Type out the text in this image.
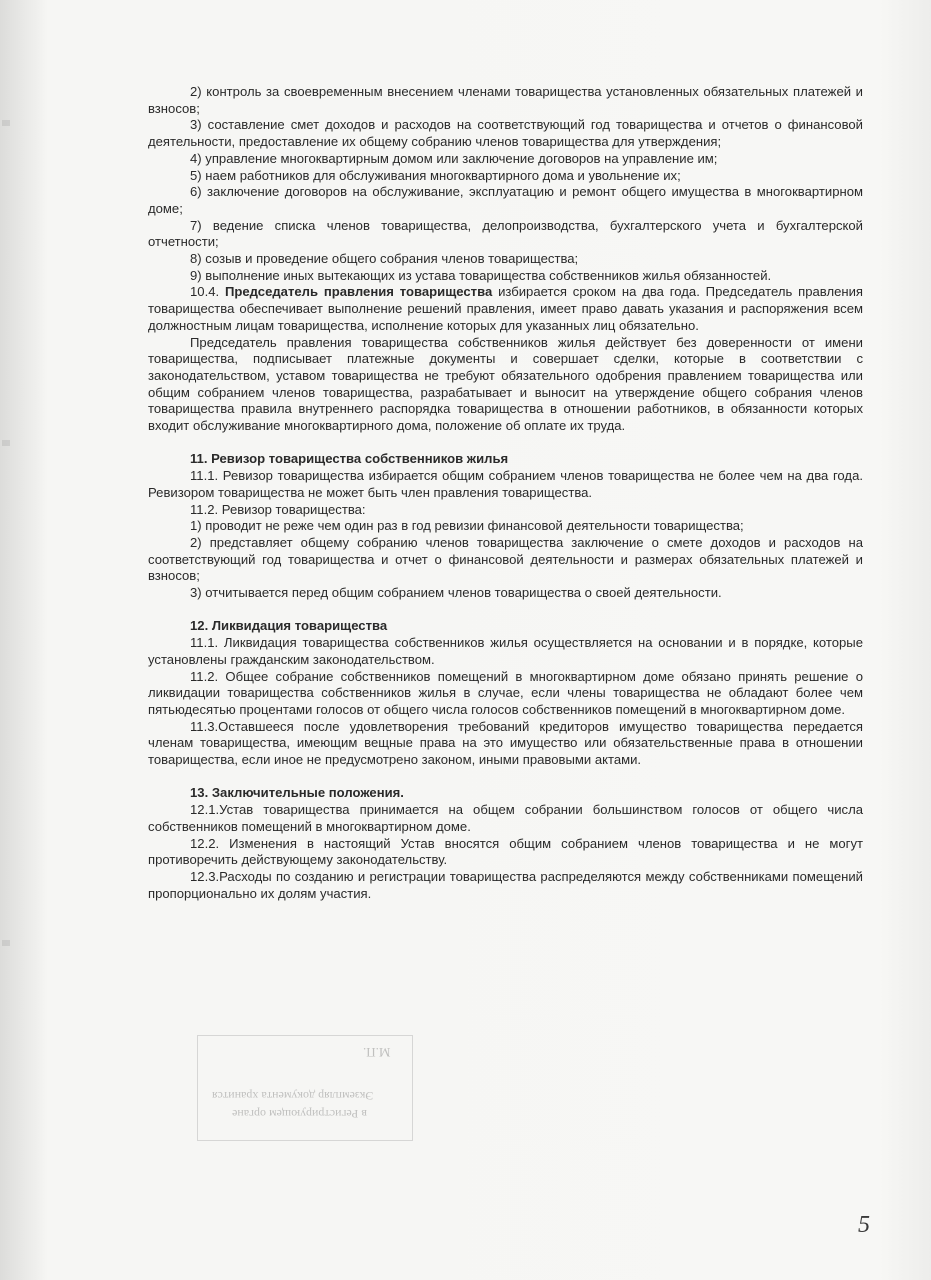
2) контроль за своевременным внесением членами товарищества установленных обязательных платежей и взносов;

3) составление смет доходов и расходов на соответствующий год товарищества и отчетов о финансовой деятельности, предоставление их общему собранию членов товарищества для утверждения;

4) управление многоквартирным домом или заключение договоров на управление им;

5) наем работников для обслуживания многоквартирного дома и увольнение их;

6) заключение договоров на обслуживание, эксплуатацию и ремонт общего имущества в многоквартирном доме;

7) ведение списка членов товарищества, делопроизводства, бухгалтерского учета и бухгалтерской отчетности;

8) созыв и проведение общего собрания членов товарищества;

9) выполнение иных вытекающих из устава товарищества собственников жилья обязанностей.

10.4. Председатель правления товарищества избирается сроком на два года. Председатель правления товарищества обеспечивает выполнение решений правления, имеет право давать указания и распоряжения всем должностным лицам товарищества, исполнение которых для указанных лиц обязательно.

Председатель правления товарищества собственников жилья действует без доверенности от имени товарищества, подписывает платежные документы и совершает сделки, которые в соответствии с законодательством, уставом товарищества не требуют обязательного одобрения правлением товарищества или общим собранием членов товарищества, разрабатывает и выносит на утверждение общего собрания членов товарищества правила внутреннего распорядка товарищества в отношении работников, в обязанности которых входит обслуживание многоквартирного дома, положение об оплате их труда.

11. Ревизор товарищества собственников жилья

11.1. Ревизор товарищества избирается общим собранием членов товарищества не более чем на два года. Ревизором товарищества не может быть член правления товарищества.

11.2. Ревизор товарищества:

1) проводит не реже чем один раз в год ревизии финансовой деятельности товарищества;

2) представляет общему собранию членов товарищества заключение о смете доходов и расходов на соответствующий год товарищества и отчет о финансовой деятельности и размерах обязательных платежей и взносов;

3) отчитывается перед общим собранием членов товарищества о своей деятельности.

12. Ликвидация товарищества

11.1. Ликвидация товарищества собственников жилья осуществляется на основании и в порядке, которые установлены гражданским законодательством.

11.2. Общее собрание собственников помещений в многоквартирном доме обязано принять решение о ликвидации товарищества собственников жилья в случае, если члены товарищества не обладают более чем пятьюдесятью процентами голосов от общего числа голосов собственников помещений в многоквартирном доме.

11.3.Оставшееся после удовлетворения требований кредиторов имущество товарищества передается членам товарищества, имеющим вещные права на это имущество или обязательственные права в отношении товарищества, если иное не предусмотрено законом, иными правовыми актами.

13. Заключительные положения.

12.1.Устав товарищества принимается на общем собрании большинством голосов от общего числа собственников помещений в многоквартирном доме.

12.2. Изменения в настоящий Устав вносятся общим собранием членов товарищества и не могут противоречить действующему законодательству.

12.3.Расходы по созданию и регистрации товарищества распределяются между собственниками помещений пропорционально их долям участия.

М.П.
Экземпляр документа хранится
в Регистрирующем органе
5
